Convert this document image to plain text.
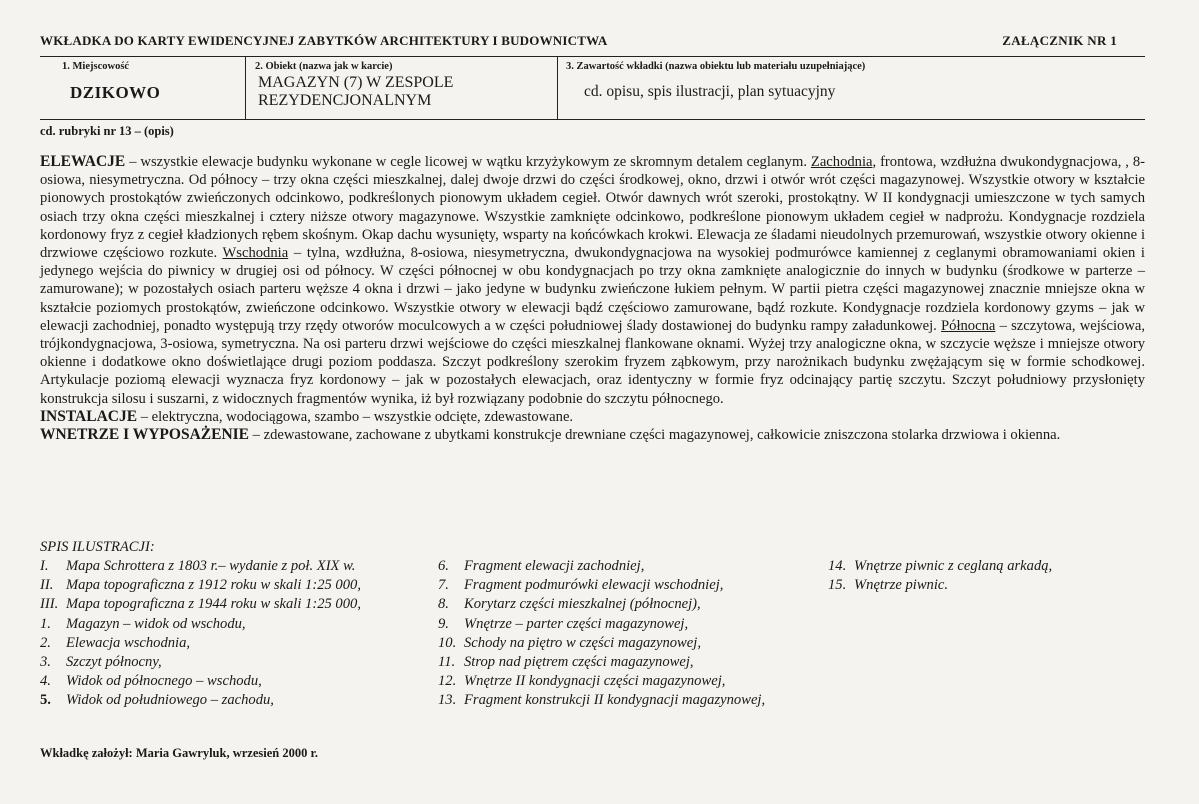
WKŁADKA DO KARTY EWIDENCYJNEJ ZABYTKÓW ARCHITEKTURY I BUDOWNICTWA	ZAŁĄCZNIK NR 1
1. Miejscowość
DZIKOWO
2. Obiekt (nazwa jak w karcie)
MAGAZYN (7) W ZESPOLE REZYDENCJONALNYM
3. Zawartość wkładki (nazwa obiektu lub materiału uzupełniające)
cd. opisu, spis ilustracji, plan sytuacyjny
cd. rubryki nr 13 – (opis)

ELEWACJE – wszystkie elewacje budynku wykonane w cegle licowej w wątku krzyżykowym ze skromnym detalem ceglanym. Zachodnia, frontowa, wzdłużna dwukondygnacjowa, , 8- osiowa, niesymetryczna. Od północy – trzy okna części mieszkalnej, dalej dwoje drzwi do części środkowej, okno, drzwi i otwór wrót części magazynowej. Wszystkie otwory w kształcie pionowych prostokątów zwieńczonych odcinkowo, podkreślonych pionowym układem cegieł. Otwór dawnych wrót szeroki, prostokątny. W II kondygnacji umieszczone w tych samych osiach trzy okna części mieszkalnej i cztery niższe otwory magazynowe. Wszystkie zamknięte odcinkowo, podkreślone pionowym układem cegieł w nadprożu. Kondygnacje rozdziela kordonowy fryz z cegieł kładzionych rębem skośnym. Okap dachu wysunięty, wsparty na końcówkach krokwi. Elewacja ze śladami nieudolnych przemurowań, wszystkie otwory okienne i drzwiowe częściowo rozkute. Wschodnia – tylna, wzdłużna, 8-osiowa, niesymetryczna, dwukondygnacjowa na wysokiej podmurówce kamiennej z ceglanymi obramowaniami okien i jedynego wejścia do piwnicy w drugiej osi od północy. W części północnej w obu kondygnacjach po trzy okna zamknięte analogicznie do innych w budynku (środkowe w parterze – zamurowane); w pozostałych osiach parteru węższe 4 okna i drzwi – jako jedyne w budynku zwieńczone łukiem pełnym. W partii pietra części magazynowej znacznie mniejsze okna w kształcie poziomych prostokątów, zwieńczone odcinkowo. Wszystkie otwory w elewacji bądź częściowo zamurowane, bądź rozkute. Kondygnacje rozdziela kordonowy gzyms – jak w elewacji zachodniej, ponadto występują trzy rzędy otworów moculcowych a w części południowej ślady dostawionej do budynku rampy załadunkowej. Północna – szczytowa, wejściowa, trójkondygnacjowa, 3-osiowa, symetryczna. Na osi parteru drzwi wejściowe do części mieszkalnej flankowane oknami. Wyżej trzy analogiczne okna, w szczycie węższe i mniejsze otwory okienne i dodatkowe okno doświetlające drugi poziom poddasza. Szczyt podkreślony szerokim fryzem ząbkowym, przy narożnikach budynku zwężającym się w formie schodkowej. Artykulacje poziomą elewacji wyznacza fryz kordonowy – jak w pozostałych elewacjach, oraz identyczny w formie fryz odcinający partię szczytu. Szczyt południowy przysłonięty konstrukcja silosu i suszarni, z widocznych fragmentów wynika, iż był rozwiązany podobnie do szczytu północnego.

INSTALACJE – elektryczna, wodociągowa, szambo – wszystkie odcięte, zdewastowane.

WNETRZE I WYPOSAŻENIE – zdewastowane, zachowane z ubytkami konstrukcje drewniane części magazynowej, całkowicie zniszczona stolarka drzwiowa i okienna.

SPIS ILUSTRACJI:
I. Mapa Schrottera z 1803 r.– wydanie z poł. XIX w.
II. Mapa topograficzna z 1912 roku w skali 1:25 000,
III. Mapa topograficzna z 1944 roku w skali 1:25 000,
1. Magazyn – widok od wschodu,
2. Elewacja wschodnia,
3. Szczyt północny,
4. Widok od północnego – wschodu,
5. Widok od południowego – zachodu,
6. Fragment elewacji zachodniej,
7. Fragment podmurówki elewacji wschodniej,
8. Korytarz części mieszkalnej (północnej),
9. Wnętrze – parter części magazynowej,
10. Schody na piętro w części magazynowej,
11. Strop nad piętrem części magazynowej,
12. Wnętrze II kondygnacji części magazynowej,
13. Fragment konstrukcji II kondygnacji magazynowej,
14. Wnętrze piwnic z ceglaną arkadą,
15. Wnętrze piwnic.
Wkładkę założył: Maria Gawryluk, wrzesień 2000 r.
